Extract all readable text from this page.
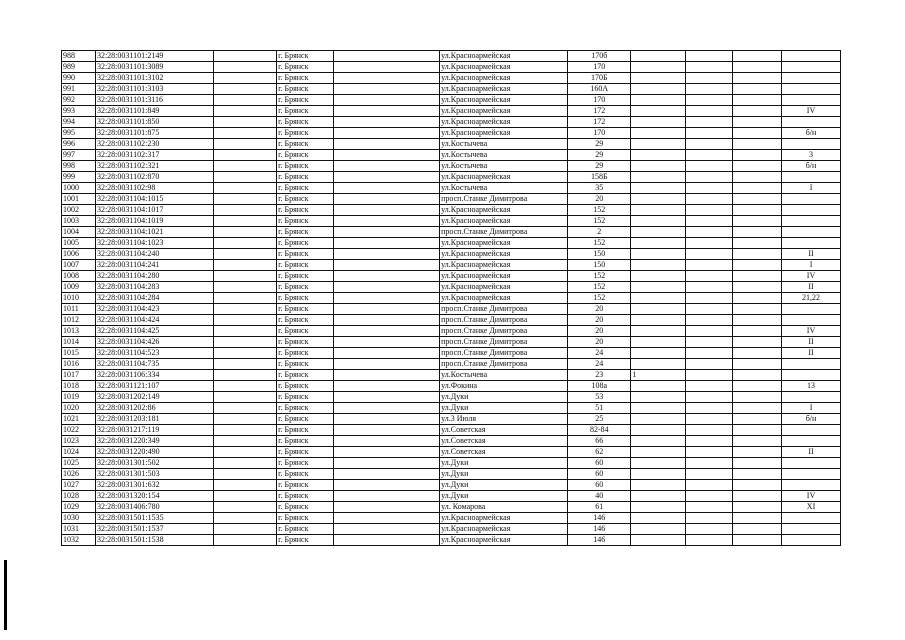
988	32:28:0031101:2149		г. Брянск		ул.Красноармейская	170б				
989	32:28:0031101:3089		г. Брянск		ул.Красноармейская	170				
990	32:28:0031101:3102		г. Брянск		ул.Красноармейская	170Б				
991	32:28:0031101:3103		г. Брянск		ул.Красноармейская	160А				
992	32:28:0031101:3116		г. Брянск		ул.Красноармейская	170				
993	32:28:0031101:849		г. Брянск		ул.Красноармейская	172				IV
994	32:28:0031101:850		г. Брянск		ул.Красноармейская	172				
995	32:28:0031101:875		г. Брянск		ул.Красноармейская	170				б/н
996	32:28:0031102:230		г. Брянск		ул.Костычева	29				
997	32:28:0031102:317		г. Брянск		ул.Костычева	29				3
998	32:28:0031102:321		г. Брянск		ул.Костычева	29				б/н
999	32:28:0031102:870		г. Брянск		ул.Красноармейская	158Б				
1000	32:28:0031102:98		г. Брянск		ул.Костычева	35				I
1001	32:28:0031104:1015		г. Брянск		просп.Станке Димитрова	20				
1002	32:28:0031104:1017		г. Брянск		ул.Красноармейская	152				
1003	32:28:0031104:1019		г. Брянск		ул.Красноармейская	152				
1004	32:28:0031104:1021		г. Брянск		просп.Станке Димитрова	2				
1005	32:28:0031104:1023		г. Брянск		ул.Красноармейская	152				
1006	32:28:0031104:240		г. Брянск		ул.Красноармейская	150				II
1007	32:28:0031104:241		г. Брянск		ул.Красноармейская	150				I
1008	32:28:0031104:280		г. Брянск		ул.Красноармейская	152				IV
1009	32:28:0031104:283		г. Брянск		ул.Красноармейская	152				II
1010	32:28:0031104:284		г. Брянск		ул.Красноармейская	152				21,22
1011	32:28:0031104:423		г. Брянск		просп.Станке Димитрова	20				
1012	32:28:0031104:424		г. Брянск		просп.Станке Димитрова	20				
1013	32:28:0031104:425		г. Брянск		просп.Станке Димитрова	20				IV
1014	32:28:0031104:426		г. Брянск		просп.Станке Димитрова	20				II
1015	32:28:0031104:523		г. Брянск		просп.Станке Димитрова	24				II
1016	32:28:0031104:735		г. Брянск		просп.Станке Димитрова	24				
1017	32:28:0031106:334		г. Брянск		ул.Костычева	23	1			
1018	32:28:0031121:107		г. Брянск		ул.Фокина	108а				13
1019	32:28:0031202:149		г. Брянск		ул.Дуки	53				
1020	32:28:0031202:86		г. Брянск		ул.Дуки	51				I
1021	32:28:0031203:181		г. Брянск		ул.3 Июля	25				б/н
1022	32:28:0031217:119		г. Брянск		ул.Советская	82-84				
1023	32:28:0031220:349		г. Брянск		ул.Советская	66				
1024	32:28:0031220:490		г. Брянск		ул.Советская	62				II
1025	32:28:0031301:502		г. Брянск		ул.Дуки	60				
1026	32:28:0031301:503		г. Брянск		ул.Дуки	60				
1027	32:28:0031301:632		г. Брянск		ул.Дуки	60				
1028	32:28:0031320:154		г. Брянск		ул.Дуки	40				IV
1029	32:28:0031406:780		г. Брянск		ул. Комарова	61				XI
1030	32:28:0031501:1535		г. Брянск		ул.Красноармейская	146				
1031	32:28:0031501:1537		г. Брянск		ул.Красноармейская	146				
1032	32:28:0031501:1538		г. Брянск		ул.Красноармейская	146				
